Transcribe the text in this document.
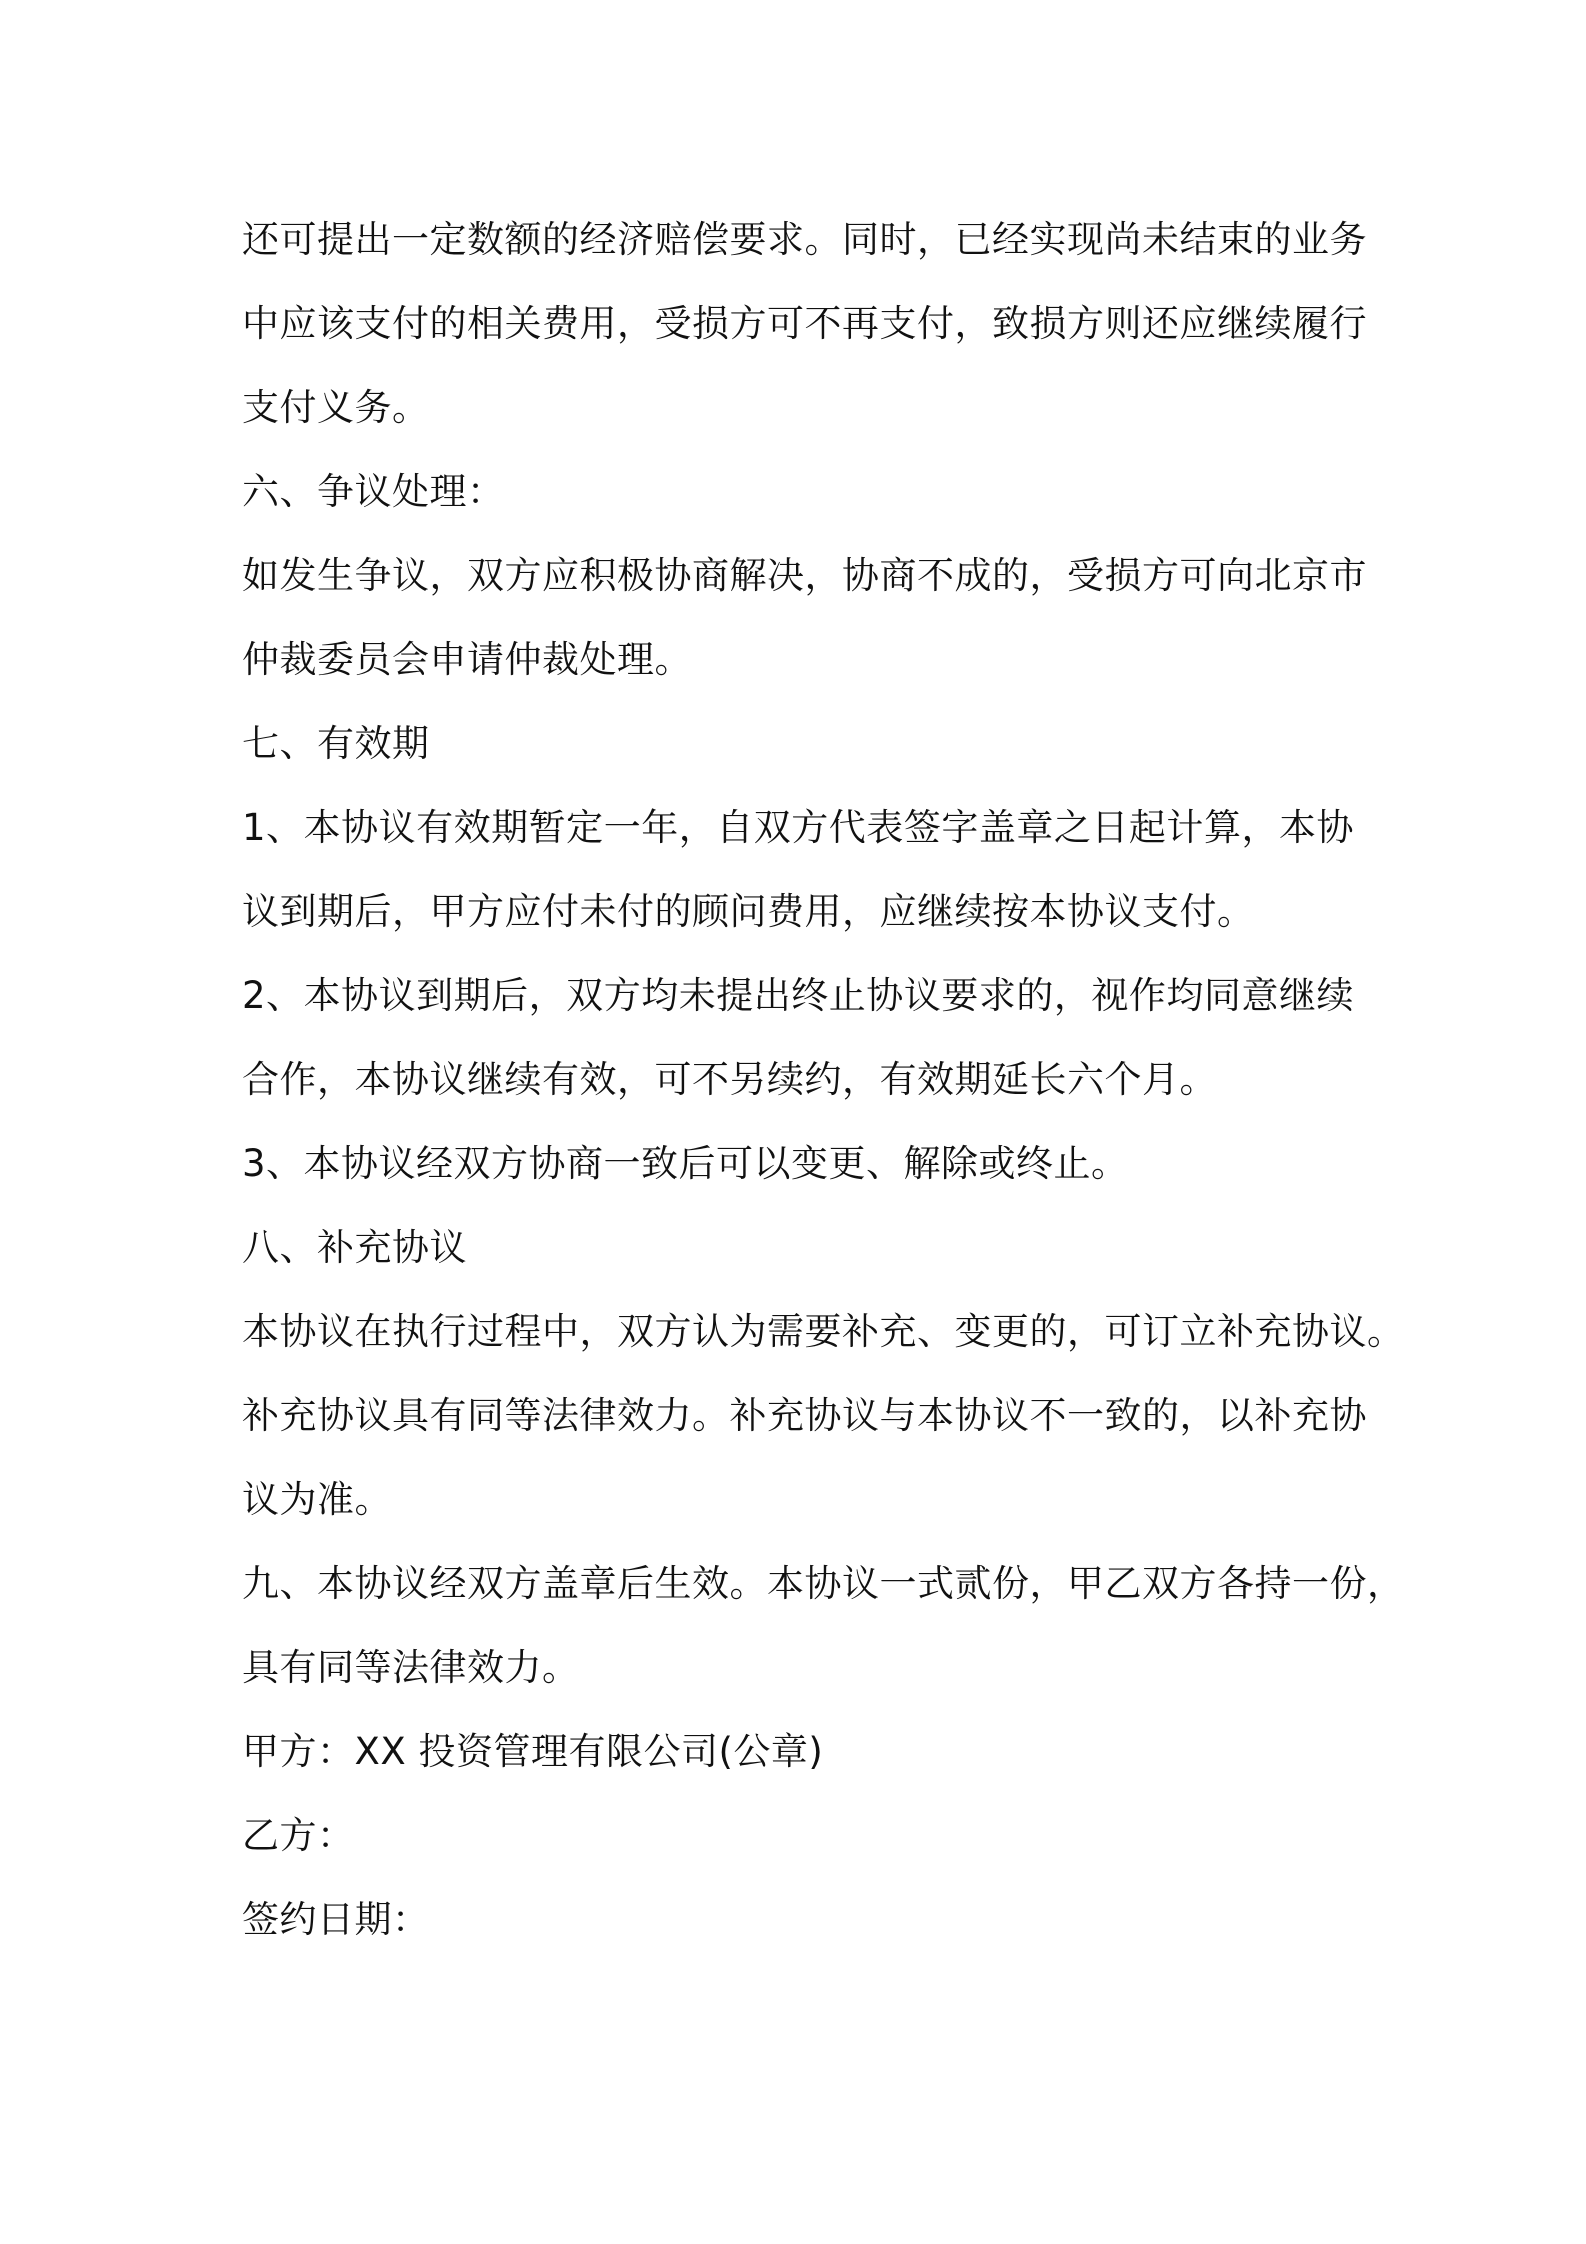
还可提出一定数额的经济赔偿要求。同时，已经实现尚未结束的业务
中应该支付的相关费用，受损方可不再支付，致损方则还应继续履行
支付义务。
六、争议处理：
如发生争议，双方应积极协商解决，协商不成的，受损方可向北京市
仲裁委员会申请仲裁处理。
七、有效期
1、本协议有效期暂定一年，自双方代表签字盖章之日起计算，本协
议到期后，甲方应付未付的顾问费用，应继续按本协议支付。
2、本协议到期后，双方均未提出终止协议要求的，视作均同意继续
合作，本协议继续有效，可不另续约，有效期延长六个月。
3、本协议经双方协商一致后可以变更、解除或终止。
八、补充协议
本协议在执行过程中，双方认为需要补充、变更的，可订立补充协议。
补充协议具有同等法律效力。补充协议与本协议不一致的，以补充协
议为准。
九、本协议经双方盖章后生效。本协议一式贰份，甲乙双方各持一份，
具有同等法律效力。
甲方：XX 投资管理有限公司(公章)
乙方：
签约日期：
